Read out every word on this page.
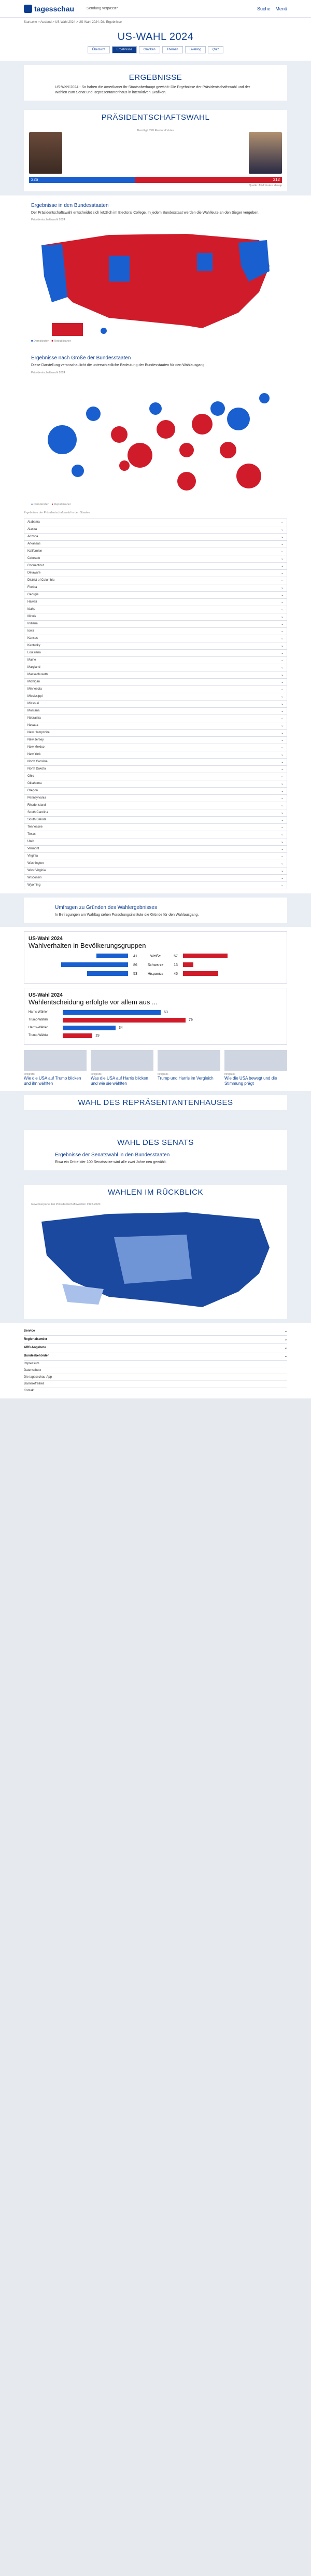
tagesschau	Sendung verpasst?	Suche Menü
Startseite > Ausland > US-Wahl 2024 > US-Wahl 2024: Die Ergebnisse
US-WAHL 2024
Übersicht	Ergebnisse	Grafiken	Themen	Liveblog	Quiz
ERGEBNISSE

US-Wahl 2024 - So haben die Amerikaner ihr Staatsoberhaupt gewählt: Die Ergebnisse der Präsidentschaftswahl und der Wahlen zum Senat und Repräsentantenhaus in interaktiven Grafiken.

PRÄSIDENTSCHAFTSWAHL
Benötigt: 270 Electoral Votes
226	312
Quelle: AP/Infratest dimap
Ergebnisse in den Bundesstaaten

Der Präsidentschaftswahl entscheidet sich letztlich im Electoral College. In jedem Bundesstaat werden die Wahlleute an den Sieger vergeben.

Präsidentschaftswahl 2024
■ Demokraten ■ Republikaner
Ergebnisse nach Größe der Bundesstaaten

Diese Darstellung veranschaulicht die unterschiedliche Bedeutung der Bundesstaaten für den Wahlausgang.

Präsidentschaftswahl 2024
● Demokraten ● Republikaner
Ergebnisse der Präsidentschaftswahl in den Staaten
Alabama	⌄
Alaska	⌄
Arizona	⌄
Arkansas	⌄
Kalifornien	⌄
Colorado	⌄
Connecticut	⌄
Delaware	⌄
District of Columbia	⌄
Florida	⌄
Georgia	⌄
Hawaii	⌄
Idaho	⌄
Illinois	⌄
Indiana	⌄
Iowa	⌄
Kansas	⌄
Kentucky	⌄
Louisiana	⌄
Maine	⌄
Maryland	⌄
Massachusetts	⌄
Michigan	⌄
Minnesota	⌄
Mississippi	⌄
Missouri	⌄
Montana	⌄
Nebraska	⌄
Nevada	⌄
New Hampshire	⌄
New Jersey	⌄
New Mexico	⌄
New York	⌄
North Carolina	⌄
North Dakota	⌄
Ohio	⌄
Oklahoma	⌄
Oregon	⌄
Pennsylvania	⌄
Rhode Island	⌄
South Carolina	⌄
South Dakota	⌄
Tennessee	⌄
Texas	⌄
Utah	⌄
Vermont	⌄
Virginia	⌄
Washington	⌄
West Virginia	⌄
Wisconsin	⌄
Wyoming	⌄
Umfragen zu Gründen des Wahlergebnisses

In Befragungen am Wahltag sehen Forschungsinstitute die Gründe für den Wahlausgang.

US-Wahl 2024
Wahlverhalten in Bevölkerungsgruppen
41	Weiße	57
86	Schwarze	13
53	Hispanics	45
US-Wahl 2024
Wahlentscheidung erfolgte vor allem aus ...
Harris-Wähler	63
Trump-Wähler	79
Harris-Wähler	34
Trump-Wähler	19
Infografik
Wie die USA auf Trump blicken und ihn wählten
Infografik
Was die USA auf Harris blicken und wie sie wählten
Infografik
Trump und Harris im Vergleich
Infografik
Wie die USA bewegt und die Stimmung prägt
WAHL DES REPRÄSENTANTENHAUSES
WAHL DES SENATS
Ergebnisse der Senatswahl in den Bundesstaaten

Etwa ein Drittel der 100 Senatssitze wird alle zwei Jahre neu gewählt.

WAHLEN IM RÜCKBLICK
Gewinnerpartei bei Präsidentschaftswahlen 1992-2020
Service	⌄
Regionalsender	⌄
ARD-Angebote	⌄
Bundesbehörden	⌄
Impressum
Datenschutz
Die tagesschau-App
Barrierefreiheit
Kontakt
